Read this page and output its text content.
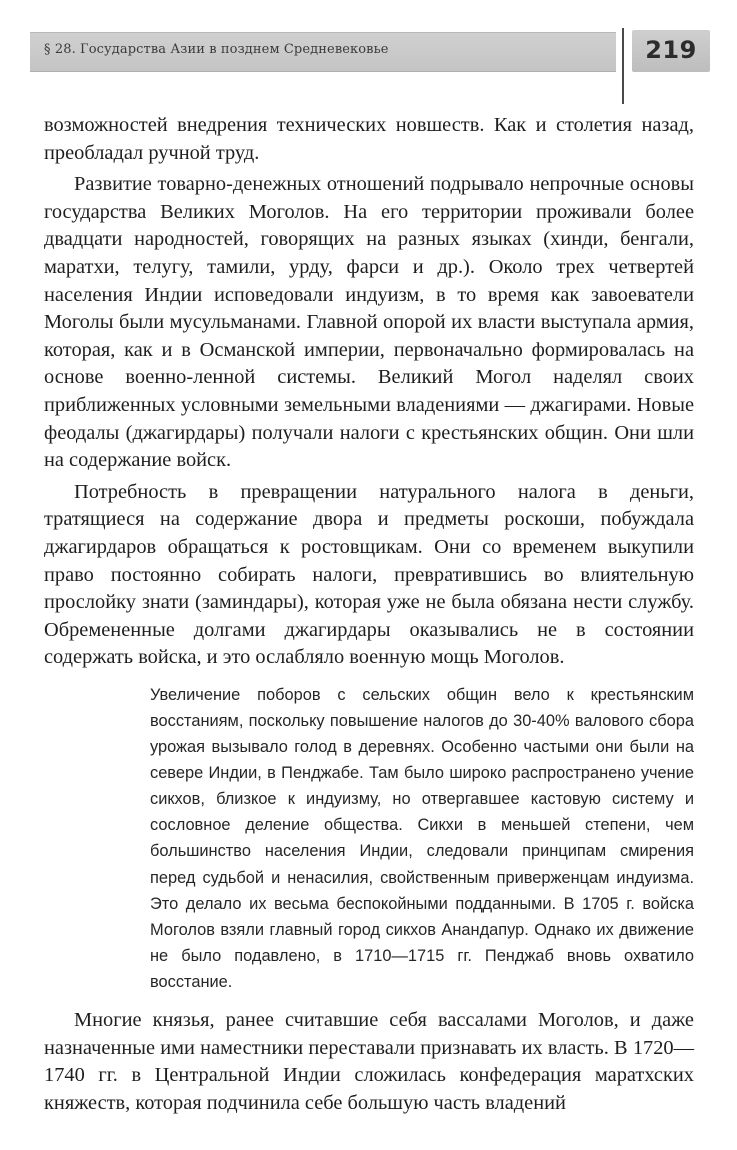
§ 28. Государства Азии в позднем Средневековье	219

возможностей внедрения технических новшеств. Как и столетия назад, преобладал ручной труд.

Развитие товарно-денежных отношений подрывало непрочные основы государства Великих Моголов. На его территории проживали более двадцати народностей, говорящих на разных языках (хинди, бенгали, маратхи, телугу, тамили, урду, фарси и др.). Около трех четвертей населения Индии исповедовали индуизм, в то время как завоеватели Моголы были мусульманами. Главной опорой их власти выступала армия, которая, как и в Османской империи, первоначально формировалась на основе военно-ленной системы. Великий Могол наделял своих приближенных условными земельными владениями — джагирами. Новые феодалы (джагирдары) получали налоги с крестьянских общин. Они шли на содержание войск.

Потребность в превращении натурального налога в деньги, тратящиеся на содержание двора и предметы роскоши, побуждала джагирдаров обращаться к ростовщикам. Они со временем выкупили право постоянно собирать налоги, превратившись во влиятельную прослойку знати (заминдары), которая уже не была обязана нести службу. Обремененные долгами джагирдары оказывались не в состоянии содержать войска, и это ослабляло военную мощь Моголов.

Увеличение поборов с сельских общин вело к крестьянским восстаниям, поскольку повышение налогов до 30-40% валового сбора урожая вызывало голод в деревнях. Особенно частыми они были на севере Индии, в Пенджабе. Там было широко распространено учение сикхов, близкое к индуизму, но отвергавшее кастовую систему и сословное деление общества. Сикхи в меньшей степени, чем большинство населения Индии, следовали принципам смирения перед судьбой и ненасилия, свойственным приверженцам индуизма. Это делало их весьма беспокойными подданными. В 1705 г. войска Моголов взяли главный город сикхов Анандапур. Однако их движение не было подавлено, в 1710—1715 гг. Пенджаб вновь охватило восстание.

Многие князья, ранее считавшие себя вассалами Моголов, и даже назначенные ими наместники переставали признавать их власть. В 1720—1740 гг. в Центральной Индии сложилась конфедерация маратхских княжеств, которая подчинила себе большую часть владений
